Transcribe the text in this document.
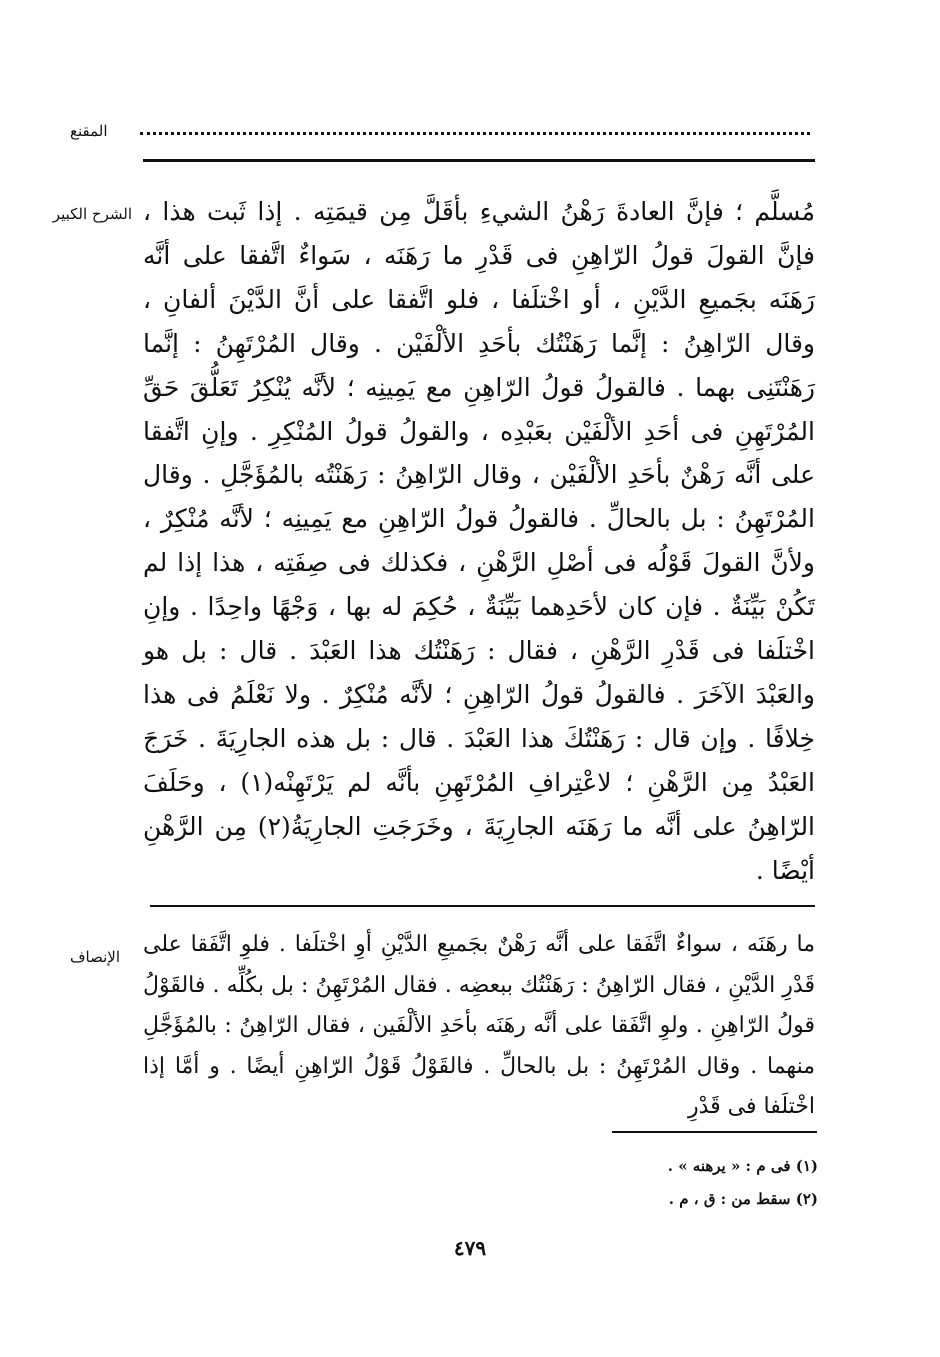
المقنع
الشرح الكبير مُسلَّم ؛ فإنَّ العادةَ رَهْنُ الشيءِ بأقَلَّ مِن قيمَتِه . إذا ثَبت هذا ، فإنَّ القولَ قولُ الرّاهِنِ فى قَدْرِ ما رَهَنَه ، سَواءٌ اتَّفقا على أنَّه رَهَنَه بجَميعِ الدَّيْنِ ، أو اخْتلَفا ، فلو اتَّفقا على أنَّ الدَّيْنَ ألفانِ ، وقال الرّاهِنُ : إنَّما رَهَنْتُك بأحَدِ الألْفَيْن . وقال المُرْتَهِنُ : إنَّما رَهَنْتَنِى بهما . فالقولُ قولُ الرّاهِنِ مع يَمِينِه ؛ لأنَّه يُنْكِرُ تَعَلُّقَ حَقِّ المُرْتَهِنِ فى أحَدِ الألْفَيْن بعَبْدِه ، والقولُ قولُ المُنْكِرِ . وإنِ اتَّفقا على أنَّه رَهْنٌ بأحَدِ الألْفَيْن ، وقال الرّاهِنُ : رَهَنْتُه بالمُؤَجَّلِ . وقال المُرْتَهِنُ : بل بالحالِّ . فالقولُ قولُ الرّاهِنِ مع يَمِينِه ؛ لأنَّه مُنْكِرٌ ، ولأنَّ القولَ قَوْلُه فى أصْلِ الرَّهْنِ ، فكذلك فى صِفَتِه ، هذا إذا لم تَكُنْ بَيِّنَةٌ . فإن كان لأحَدِهما بَيِّنَةٌ ، حُكِمَ له بها ، وَجْهًا واحِدًا . وإنِ اخْتلَفا فى قَدْرِ الرَّهْنِ ، فقال : رَهَنْتُك هذا العَبْدَ . قال : بل هو والعَبْدَ الآخَرَ . فالقولُ قولُ الرّاهِنِ ؛ لأنَّه مُنْكِرٌ . ولا نَعْلَمُ فى هذا خِلافًا . وإن قال : رَهَنْتُكَ هذا العَبْدَ . قال : بل هذه الجارِيَةَ . خَرَجَ العَبْدُ مِن الرَّهْنِ ؛ لاعْتِرافِ المُرْتَهِنِ بأنَّه لم يَرْتَهِنْه(١) ، وحَلَفَ الرّاهِنُ على أنَّه ما رَهَنَه الجارِيَةَ ، وخَرَجَتِ الجارِيَةُ(٢) مِن الرَّهْنِ أيْضًا .

الإنصاف ما رهَنَه ، سواءٌ اتَّفَقا على أنَّه رَهْنٌ بجَميعِ الدَّيْنِ أوِ اخْتلَفا . فلوِ اتَّفَقا على قَدْرِ الدَّيْنِ ، فقال الرّاهِنُ : رَهَنْتُك ببعضِه . فقال المُرْتَهِنُ : بل بكُلِّه . فالقَوْلُ قولُ الرّاهِنِ . ولوِ اتَّفَقا على أنَّه رهَنَه بأحَدِ الألْفَين ، فقال الرّاهِنُ : بالمُؤَجَّلِ منهما . وقال المُرْتَهِنُ : بل بالحالِّ . فالقَوْلُ قَوْلُ الرّاهِنِ أيضًا . و أمَّا إذا اخْتلَفا فى قَدْرِ
(١) فى م : « يرهنه » .
(٢) سقط من : ق ، م .
٤٧٩
